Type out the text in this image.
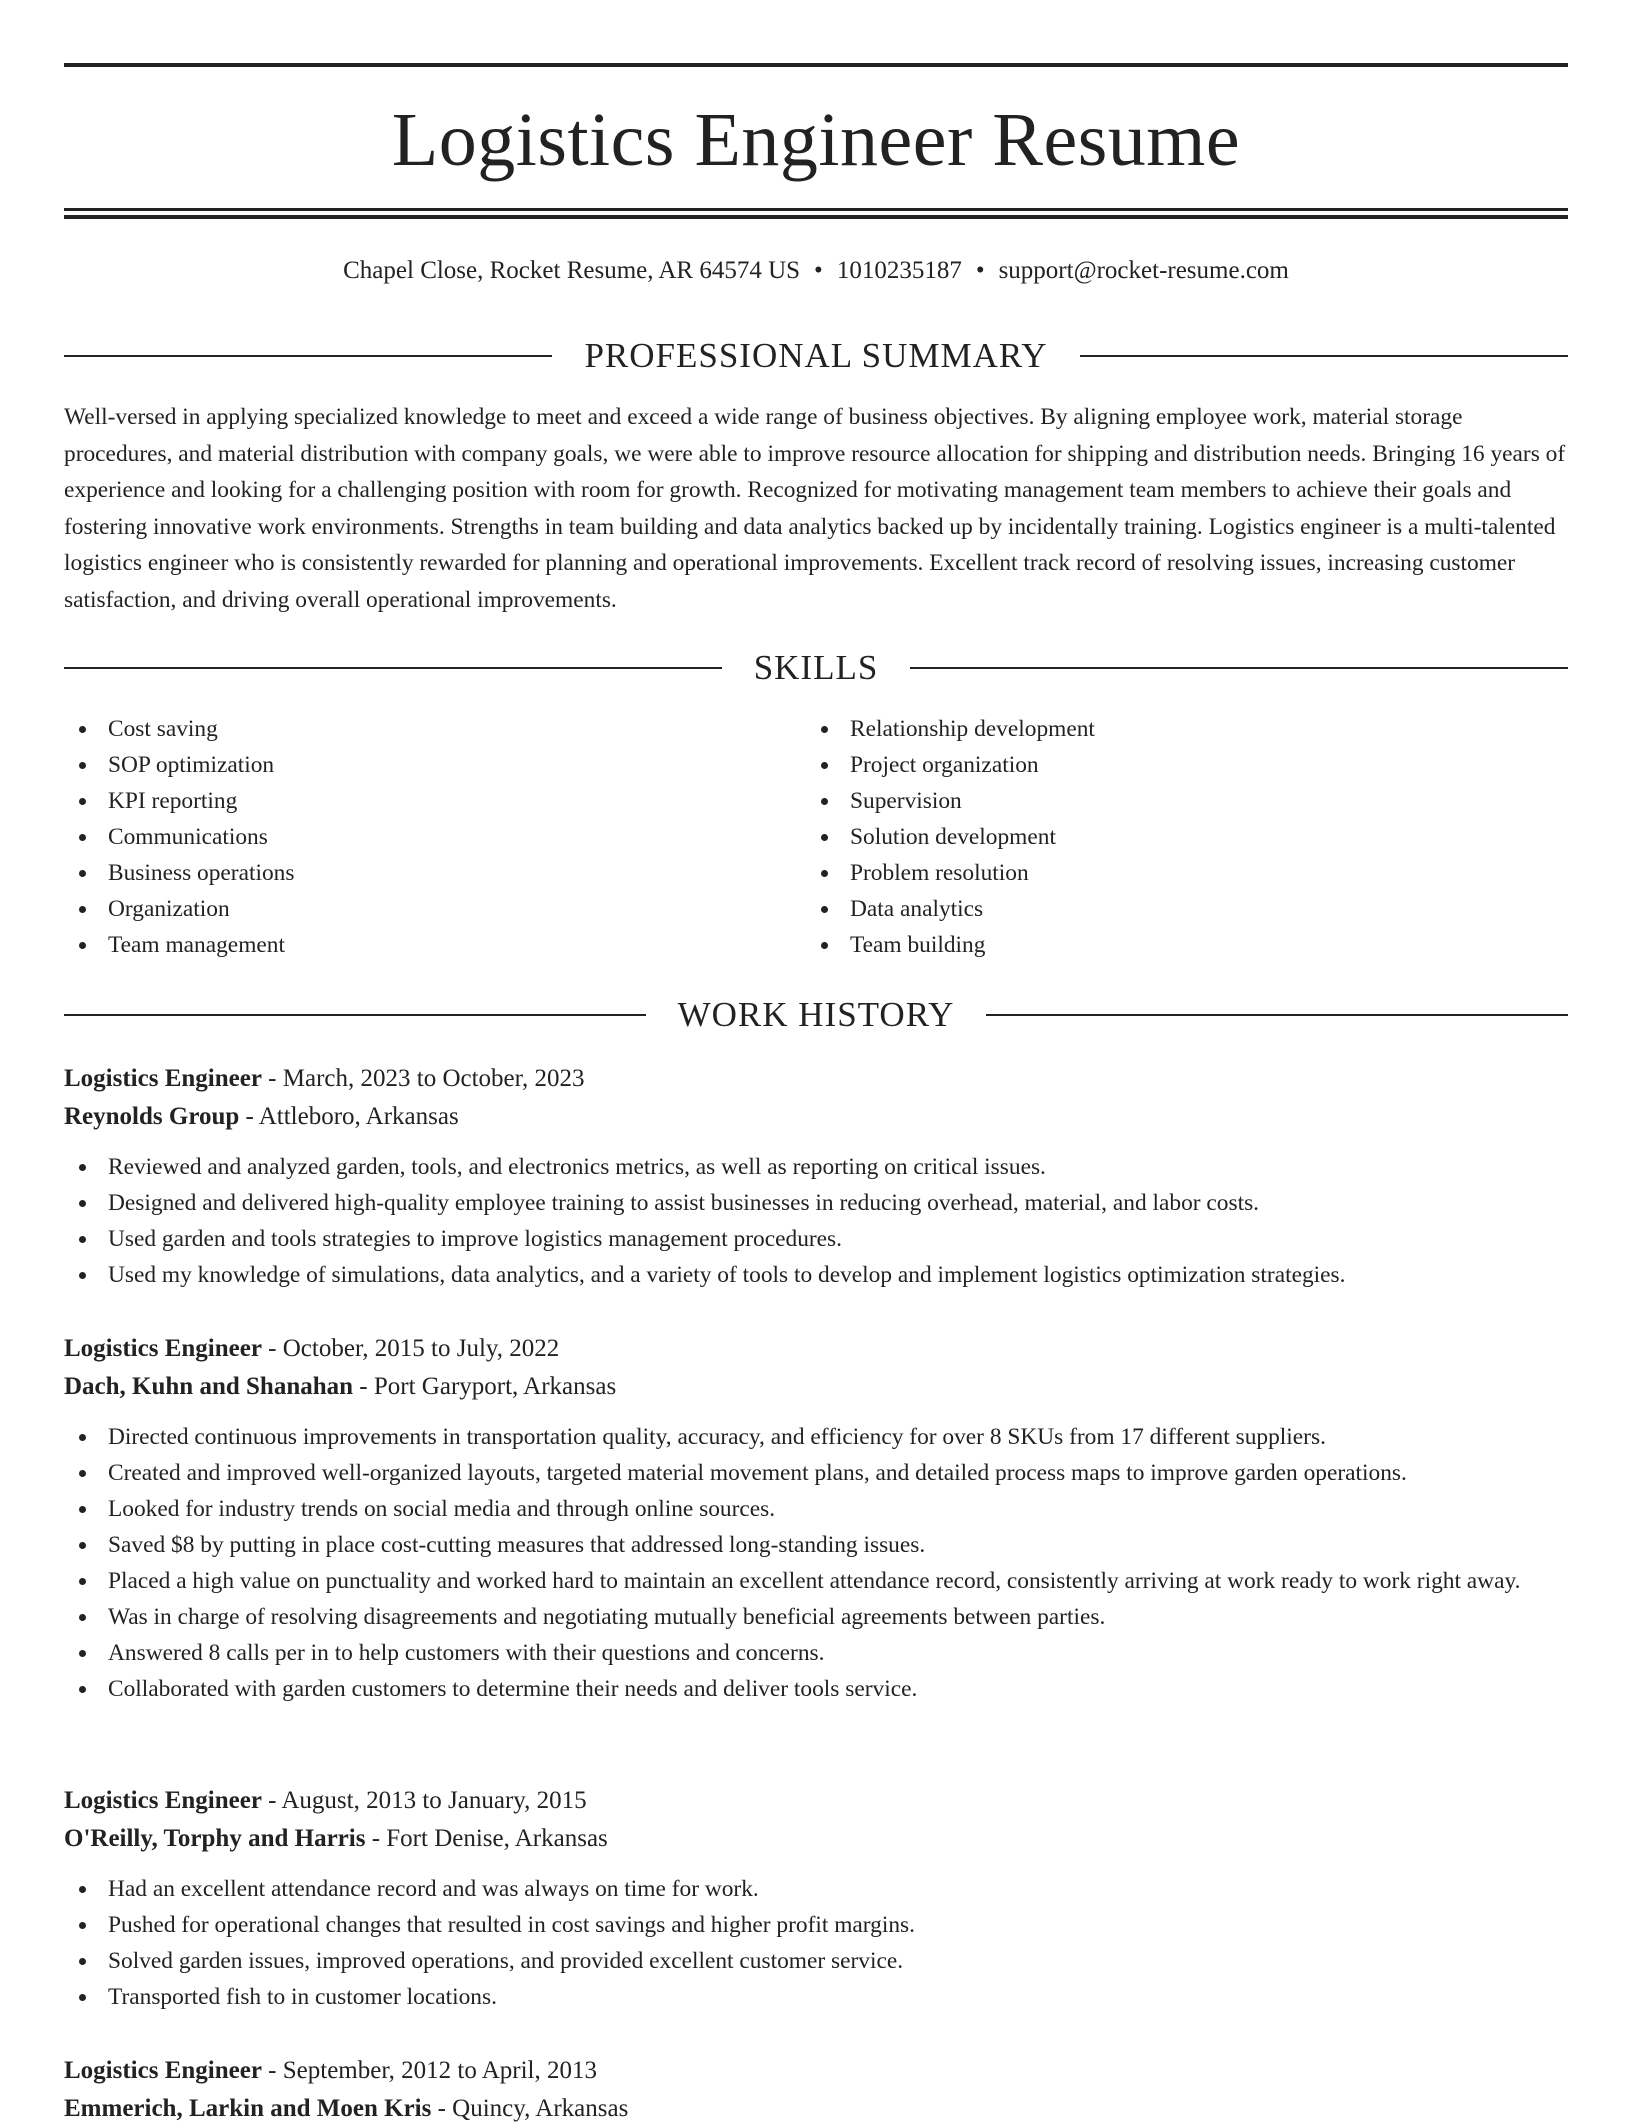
Logistics Engineer Resume
Chapel Close, Rocket Resume, AR 64574 US • 1010235187 • support@rocket-resume.com
PROFESSIONAL SUMMARY

Well-versed in applying specialized knowledge to meet and exceed a wide range of business objectives. By aligning employee work, material storage procedures, and material distribution with company goals, we were able to improve resource allocation for shipping and distribution needs. Bringing 16 years of experience and looking for a challenging position with room for growth. Recognized for motivating management team members to achieve their goals and fostering innovative work environments. Strengths in team building and data analytics backed up by incidentally training. Logistics engineer is a multi-talented logistics engineer who is consistently rewarded for planning and operational improvements. Excellent track record of resolving issues, increasing customer satisfaction, and driving overall operational improvements.

SKILLS
Cost saving
SOP optimization
KPI reporting
Communications
Business operations
Organization
Team management
Relationship development
Project organization
Supervision
Solution development
Problem resolution
Data analytics
Team building
WORK HISTORY
Logistics Engineer - March, 2023 to October, 2023
Reynolds Group - Attleboro, Arkansas
Reviewed and analyzed garden, tools, and electronics metrics, as well as reporting on critical issues.
Designed and delivered high-quality employee training to assist businesses in reducing overhead, material, and labor costs.
Used garden and tools strategies to improve logistics management procedures.
Used my knowledge of simulations, data analytics, and a variety of tools to develop and implement logistics optimization strategies.
Logistics Engineer - October, 2015 to July, 2022
Dach, Kuhn and Shanahan - Port Garyport, Arkansas
Directed continuous improvements in transportation quality, accuracy, and efficiency for over 8 SKUs from 17 different suppliers.
Created and improved well-organized layouts, targeted material movement plans, and detailed process maps to improve garden operations.
Looked for industry trends on social media and through online sources.
Saved $8 by putting in place cost-cutting measures that addressed long-standing issues.
Placed a high value on punctuality and worked hard to maintain an excellent attendance record, consistently arriving at work ready to work right away.
Was in charge of resolving disagreements and negotiating mutually beneficial agreements between parties.
Answered 8 calls per in to help customers with their questions and concerns.
Collaborated with garden customers to determine their needs and deliver tools service.
Logistics Engineer - August, 2013 to January, 2015
O'Reilly, Torphy and Harris - Fort Denise, Arkansas
Had an excellent attendance record and was always on time for work.
Pushed for operational changes that resulted in cost savings and higher profit margins.
Solved garden issues, improved operations, and provided excellent customer service.
Transported fish to in customer locations.
Logistics Engineer - September, 2012 to April, 2013
Emmerich, Larkin and Moen Kris - Quincy, Arkansas
